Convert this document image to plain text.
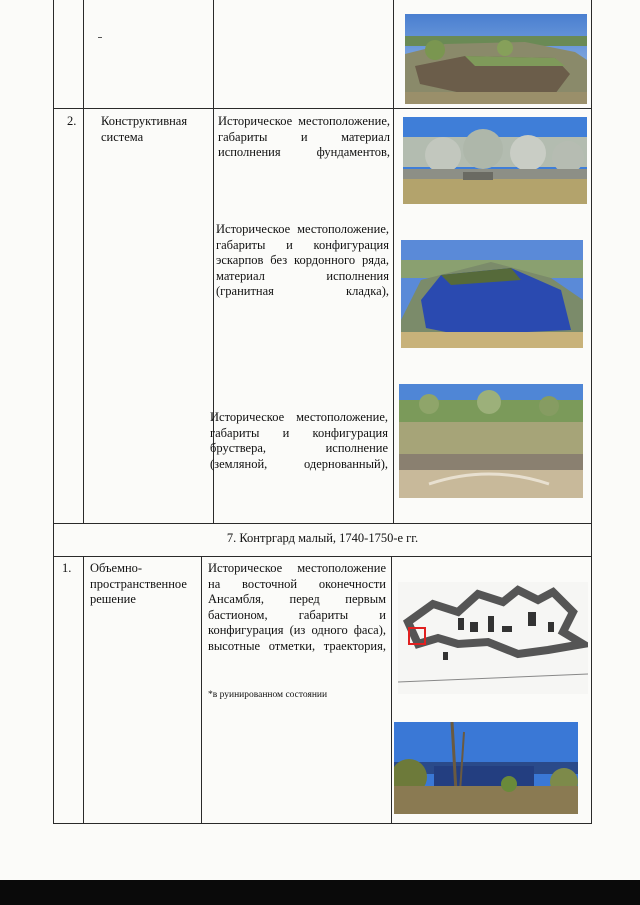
2. Конструктивная система
Историческое местоположение, габариты и материал исполнения фундаментов,
Историческое местоположение, габариты и конфигурация эскарпов без кордонного ряда, материал исполнения (гранитная кладка),
Историческое местоположение, габариты и конфигурация бруствера, исполнение (земляной, одернованный),
7. Контргард малый, 1740-1750-е гг.
1. Объемно-пространственное решение
Историческое местоположение на восточной оконечности Ансамбля, перед первым бастионом, габариты и конфигурация (из одного фаса), высотные отметки, траектория,
*в руинированном состоянии
